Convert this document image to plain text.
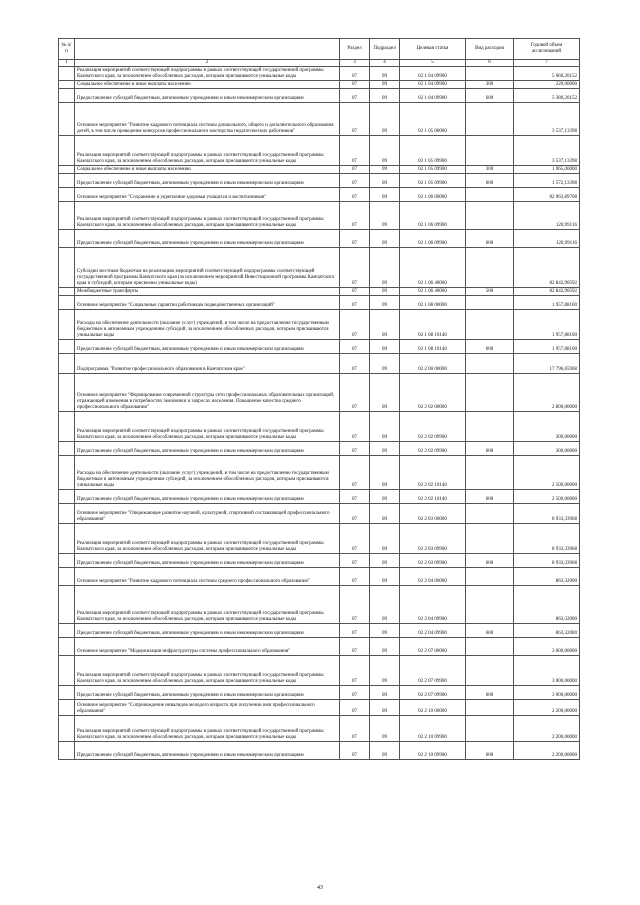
№ п/п		Раздел	Подраздел	Целевая статья	Вид расходов	Годовой объем ассигнований
1	2	3	4	5	6	7
	Реализация мероприятий соответствующей подпрограммы в рамках соответствующей государственной программы Камчатского края, за исключением обособленных расходов, которым присваиваются уникальные коды	07	09	02 1 04 09900		5 660,20152
	Социальное обеспечение и иные выплаты населению	07	09	02 1 04 09900	300	220,00000
	Предоставление субсидий бюджетным, автономным учреждениям и иным некоммерческим организациям	07	09	02 1 04 09900	600	5 380,20152
	Основное мероприятие "Развитие кадрового потенциала системы дошкольного, общего и дополнительного образования детей, в том числе проведение конкурсов профессионального мастерства педагогических работников"	07	09	02 1 05 00000		3 537,13398
	Реализация мероприятий соответствующей подпрограммы в рамках соответствующей государственной программы Камчатского края, за исключением обособленных расходов, которым присваиваются уникальные коды	07	09	02 1 05 09900		3 537,13398
	Социальное обеспечение и иные выплаты населению	07	09	02 1 05 09900	300	1 965,00000
	Предоставление субсидий бюджетным, автономным учреждениям и иным некоммерческим организациям	07	09	02 1 05 09900	600	1 572,13398
	Основное мероприятие "Сохранение и укрепление здоровья учащихся и воспитанников"	07	09	02 1 06 00000		82 963,89708
	Реализация мероприятий соответствующей подпрограммы в рамках соответствующей государственной программы Камчатского края, за исключением обособленных расходов, которым присваиваются уникальные коды	07	09	02 1 06 09900		120,99116
	Предоставление субсидий бюджетным, автономным учреждениям и иным некоммерческим организациям	07	09	02 1 06 09900	600	120,99116
	Субсидии местным бюджетам на реализацию мероприятий соответствующей подпрограммы соответствующей государственной программы Камчатского края (за исключением мероприятий Инвестиционной программы Камчатского края и субсидий, которым присвоены уникальные коды)	07	09	02 1 06 40060		82 842,90592
	Межбюджетные трансферты	07	09	02 1 06 40060	500	82 842,90592
	Основное мероприятие "Социальные гарантии работникам подведомственных организаций"	07	09	02 1 08 00000		1 957,88100
	Расходы на обеспечение деятельности (оказание услуг) учреждений, в том числе на предоставление государственным бюджетным и автономным учреждениям субсидий, за исключением обособленных расходов, которым присваиваются уникальные коды	07	09	02 1 08 10140		1 957,88100
	Предоставление субсидий бюджетным, автономным учреждениям и иным некоммерческим организациям	07	09	02 1 08 10140	600	1 957,88100
	Подпрограмма "Развитие профессионального образования в Камчатском крае"	07	09	02 2 00 00000		17 796,65968
	Основное мероприятие "Формирование современной структуры сети профессиональных образовательных организаций, отражающей изменения в потребностях экономики и запросах населения. Повышение качества среднего профессионального образования"	07	09	02 2 02 00000		2 800,00000
	Реализация мероприятий соответствующей подпрограммы в рамках соответствующей государственной программы Камчатского края, за исключением обособленных расходов, которым присваиваются уникальные коды	07	09	02 2 02 09900		300,00000
	Предоставление субсидий бюджетным, автономным учреждениям и иным некоммерческим организациям	07	09	02 2 02 09900	600	300,00000
	Расходы на обеспечение деятельности (оказание услуг) учреждений, в том числе на предоставление государственным бюджетным и автономным учреждениям субсидий, за исключением обособленных расходов, которым присваиваются уникальные коды	07	09	02 2 02 10140		2 500,00000
	Предоставление субсидий бюджетным, автономным учреждениям и иным некоммерческим организациям	07	09	02 2 02 10140	600	2 500,00000
	Основное мероприятие "Опережающее развитие научной, культурной, спортивной составляющей профессионального образования"	07	09	02 2 03 00000		8 933,33968
	Реализация мероприятий соответствующей подпрограммы в рамках соответствующей государственной программы Камчатского края, за исключением обособленных расходов, которым присваиваются уникальные коды	07	09	02 2 03 09900		8 933,33968
	Предоставление субсидий бюджетным, автономным учреждениям и иным некоммерческим организациям	07	09	02 2 03 09900	600	8 933,33968
	Основное мероприятие "Развитие кадрового потенциала системы среднего профессионального образования"	07	09	02 2 04 00000		863,32000
	Реализация мероприятий соответствующей подпрограммы в рамках соответствующей государственной программы Камчатского края, за исключением обособленных расходов, которым присваиваются уникальные коды	07	09	02 2 04 09900		863,32000
	Предоставление субсидий бюджетным, автономным учреждениям и иным некоммерческим организациям	07	09	02 2 04 09900	600	863,32000
	Основное мероприятие "Модернизация инфраструктуры системы профессионального образования"	07	09	02 2 07 00000		3 000,00000
	Реализация мероприятий соответствующей подпрограммы в рамках соответствующей государственной программы Камчатского края, за исключением обособленных расходов, которым присваиваются уникальные коды	07	09	02 2 07 09900		3 000,00000
	Предоставление субсидий бюджетным, автономным учреждениям и иным некоммерческим организациям	07	09	02 2 07 09900	600	3 000,00000
	Основное мероприятие "Сопровождение инвалидов молодого возраста при получении ими профессионального образования"	07	09	02 2 10 00000		2 200,00000
	Реализация мероприятий соответствующей подпрограммы в рамках соответствующей государственной программы Камчатского края, за исключением обособленных расходов, которым присваиваются уникальные коды	07	09	02 2 10 09900		2 200,00000
	Предоставление субсидий бюджетным, автономным учреждениям и иным некоммерческим организациям	07	09	02 2 10 09900	600	2 200,00000
43
